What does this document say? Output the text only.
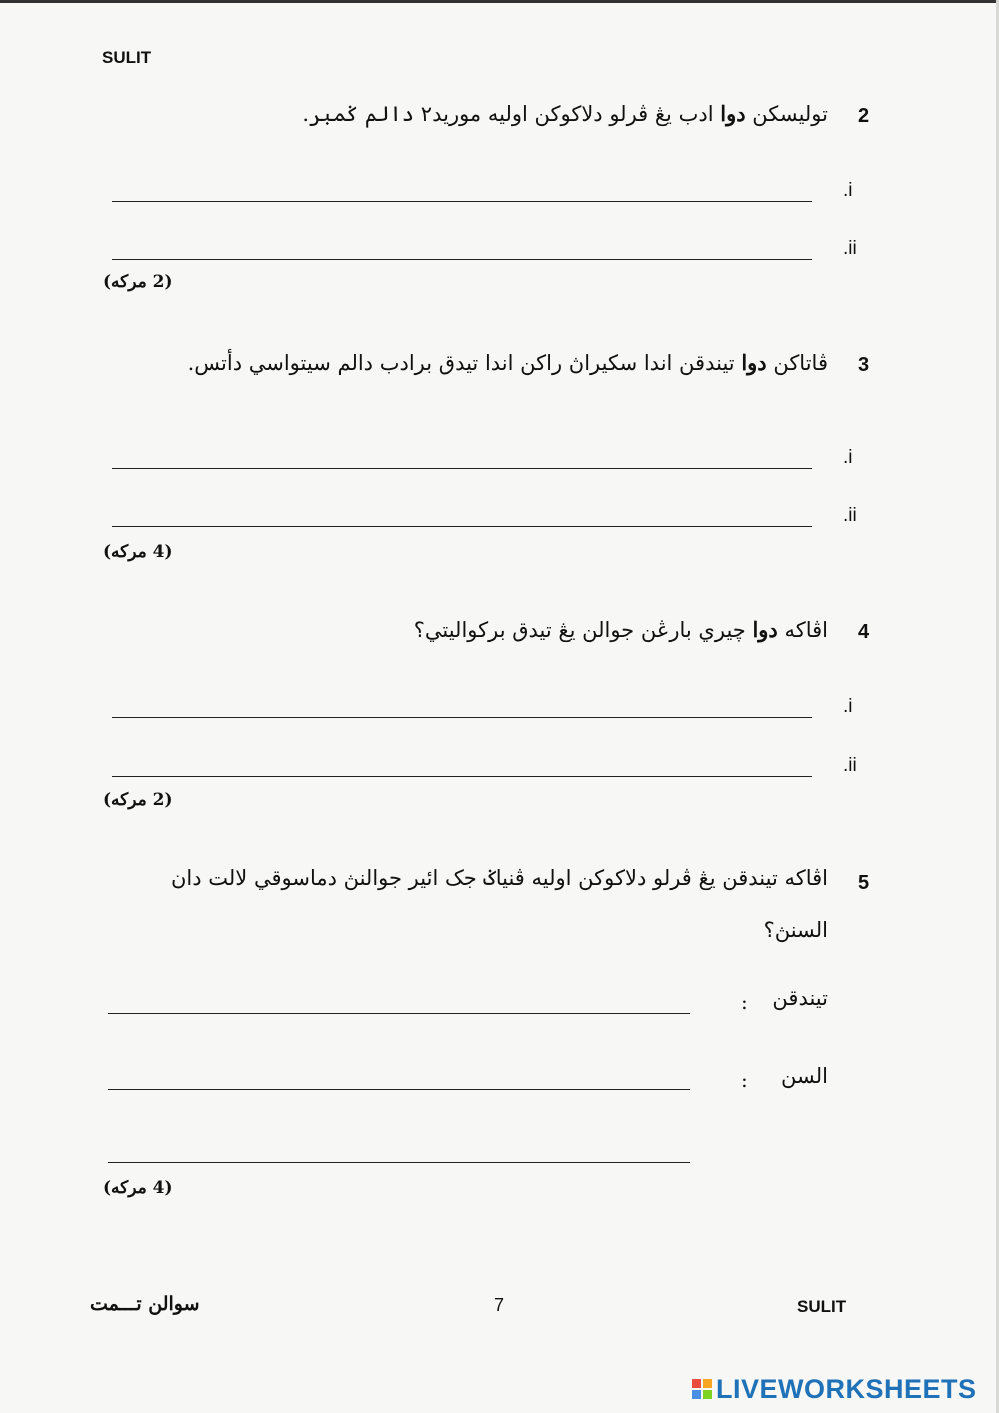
SULIT
2
توليسكن دوا ادب يڠ ڤرلو دلاكوكن اوليه موريد٢ دالم ݢمبر.
.i
.ii
(2 مركه)
3
ڤاتاكن دوا تيندقن اندا سكيراڽ راكن اندا تيدق برادب دالم سيتواسي دأتس.
.i
.ii
(4 مركه)
4
اڤاكه دوا چيري بارڠن جوالن يڠ تيدق بركواليتي؟
.i
.ii
(2 مركه)
5
اڤاكه تيندقن يڠ ڤرلو دلاكوكن اوليه ڤنياݢ جک ائير جوالنڽ دماسوقي لالت دان
السنڽ؟
تيندقن
:
السن
:
(4 مركه)
سوالن تـــمت	7	SULIT
LIVEWORKSHEETS
